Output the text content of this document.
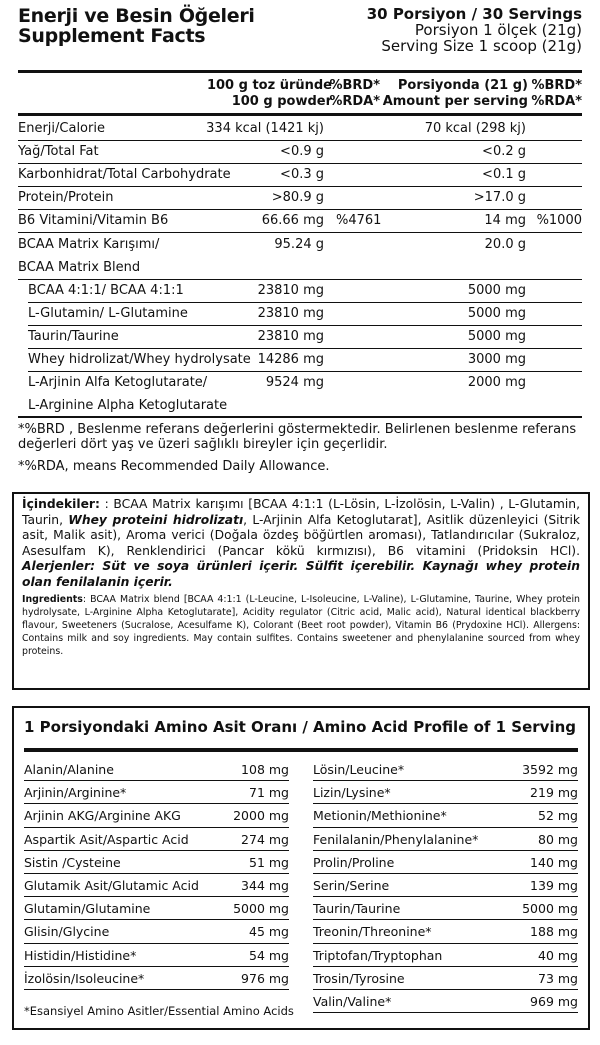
Enerji ve Besin Öğeleri
Supplement Facts
30 Porsiyon / 30 Servings
Porsiyon 1 ölçek (21g)
Serving Size 1 scoop (21g)
100 g toz üründe
100 g powder
%BRD*
%RDA*
Porsiyonda (21 g)
Amount per serving
%BRD*
%RDA*
Enerji/Calorie	334 kcal (1421 kj)	70 kcal (298 kj)
Yağ/Total Fat	<0.9 g	<0.2 g
Karbonhidrat/Total Carbohydrate	<0.3 g	<0.1 g
Protein/Protein	>80.9 g	>17.0 g
B6 Vitamini/Vitamin B6	66.66 mg %4761	14 mg %1000
BCAA Matrix Karışımı/	95.24 g	20.0 g
BCAA Matrix Blend
BCAA 4:1:1/ BCAA 4:1:1	23810 mg	5000 mg
L-Glutamin/ L-Glutamine	23810 mg	5000 mg
Taurin/Taurine	23810 mg	5000 mg
Whey hidrolizat/Whey hydrolysate 14286 mg	3000 mg
L-Arjinin Alfa Ketoglutarate/	9524 mg	2000 mg
L-Arginine Alpha Ketoglutarate
*%BRD , Beslenme referans değerlerini göstermektedir. Belirlenen beslenme referans değerleri dört yaş ve üzeri sağlıklı bireyler için geçerlidir.
*%RDA, means Recommended Daily Allowance.
İçindekiler: : BCAA Matrix karışımı [BCAA 4:1:1 (L-Lösin, L-İzolösin, L-Valin) , L-Glutamin, Taurin, Whey proteini hidrolizatı, L-Arjinin Alfa Ketoglutarat], Asitlik düzenleyici (Sitrik asit, Malik asit), Aroma verici (Doğala özdeş böğürtlen aroması), Tatlandırıcılar (Sukraloz, Asesulfam K), Renklendirici (Pancar kökü kırmızısı), B6 vitamini (Pridoksin HCl). Alerjenler: Süt ve soya ürünleri içerir. Sülfit içerebilir. Kaynağı whey protein olan fenilalanin içerir.
Ingredients: BCAA Matrix blend [BCAA 4:1:1 (L-Leucine, L-Isoleucine, L-Valine), L-Glutamine, Taurine, Whey protein hydrolysate, L-Arginine Alpha Ketoglutarate], Acidity regulator (Citric acid, Malic acid), Natural identical blackberry flavour, Sweeteners (Sucralose, Acesulfame K), Colorant (Beet root powder), Vitamin B6 (Prydoxine HCl). Allergens: Contains milk and soy ingredients. May contain sulfites. Contains sweetener and phenylalanine sourced from whey proteins.
1 Porsiyondaki Amino Asit Oranı / Amino Acid Profile of 1 Serving
Alanin/Alanine	108 mg
Arjinin/Arginine*	71 mg
Arjinin AKG/Arginine AKG	2000 mg
Aspartik Asit/Aspartic Acid	274 mg
Sistin /Cysteine	51 mg
Glutamik Asit/Glutamic Acid	344 mg
Glutamin/Glutamine	5000 mg
Glisin/Glycine	45 mg
Histidin/Histidine*	54 mg
İzolösin/Isoleucine*	976 mg
Lösin/Leucine*	3592 mg
Lizin/Lysine*	219 mg
Metionin/Methionine*	52 mg
Fenilalanin/Phenylalanine*	80 mg
Prolin/Proline	140 mg
Serin/Serine	139 mg
Taurin/Taurine	5000 mg
Treonin/Threonine*	188 mg
Triptofan/Tryptophan	40 mg
Trosin/Tyrosine	73 mg
Valin/Valine*	969 mg
*Esansiyel Amino Asitler/Essential Amino Acids
